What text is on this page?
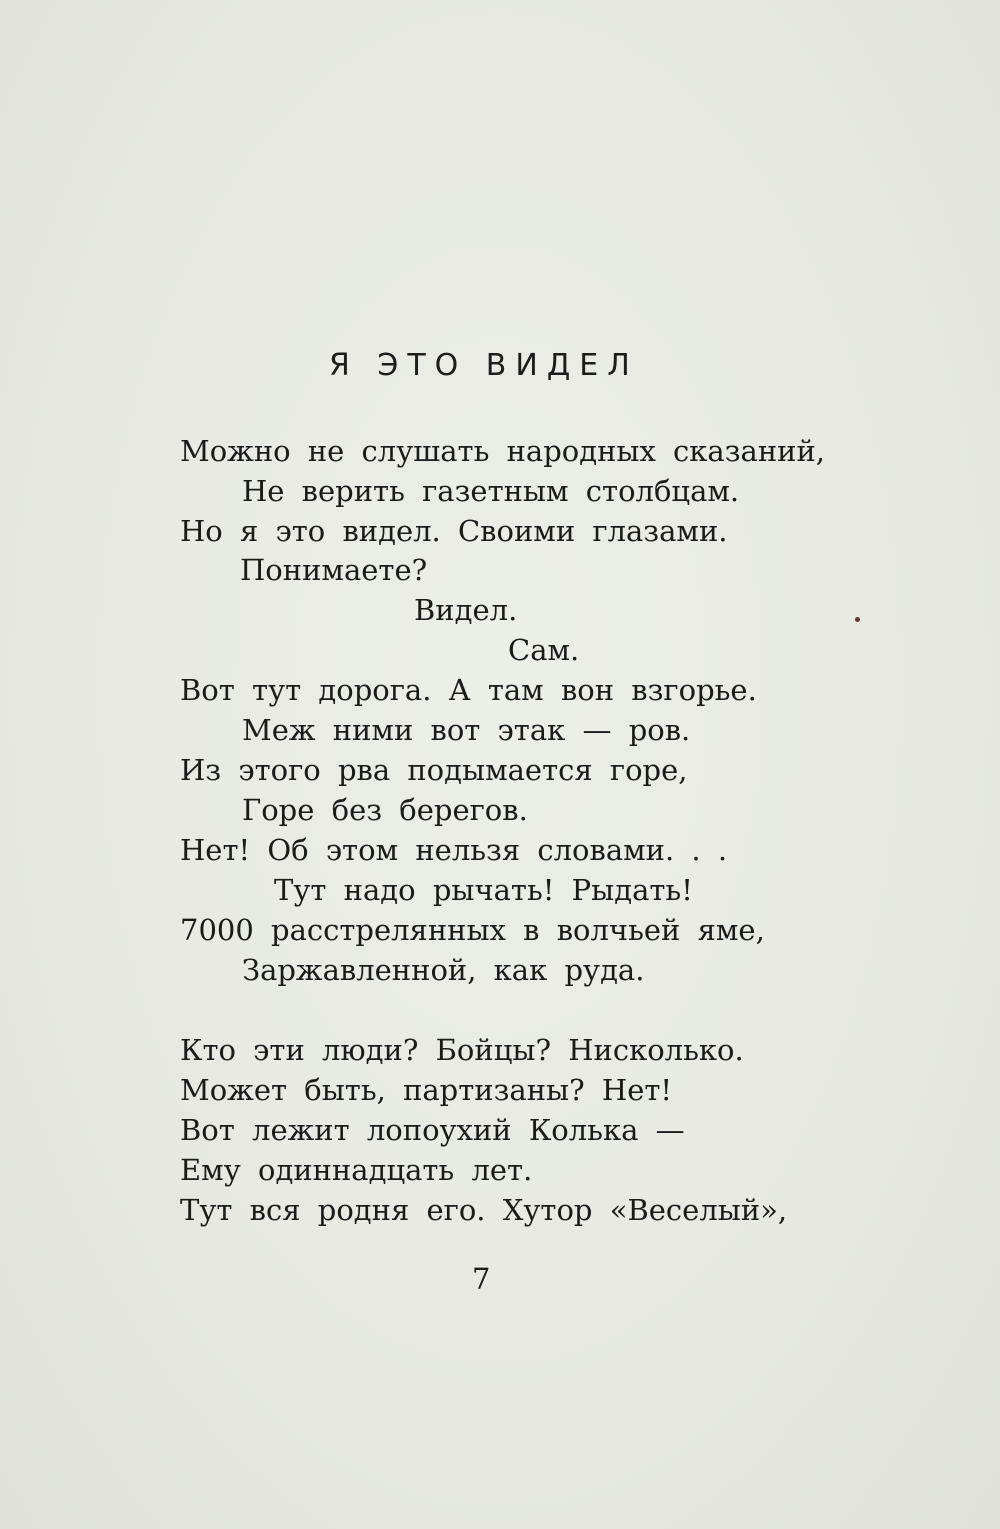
Я ЭТО ВИДЕЛ
Можно не слушать народных сказаний,
Не верить газетным столбцам.
Но я это видел. Своими глазами.
Понимаете?
Видел.
Сам.
Вот тут дорога. А там вон взгорье.
Меж ними вот этак — ров.
Из этого рва подымается горе,
Горе без берегов.
Нет! Об этом нельзя словами. . .
Тут надо рычать! Рыдать!
7000 расстрелянных в волчьей яме,
Заржавленной, как руда.
Кто эти люди? Бойцы? Нисколько.
Может быть, партизаны? Нет!
Вот лежит лопоухий Колька —
Ему одиннадцать лет.
Тут вся родня его. Хутор «Веселый»,
7
